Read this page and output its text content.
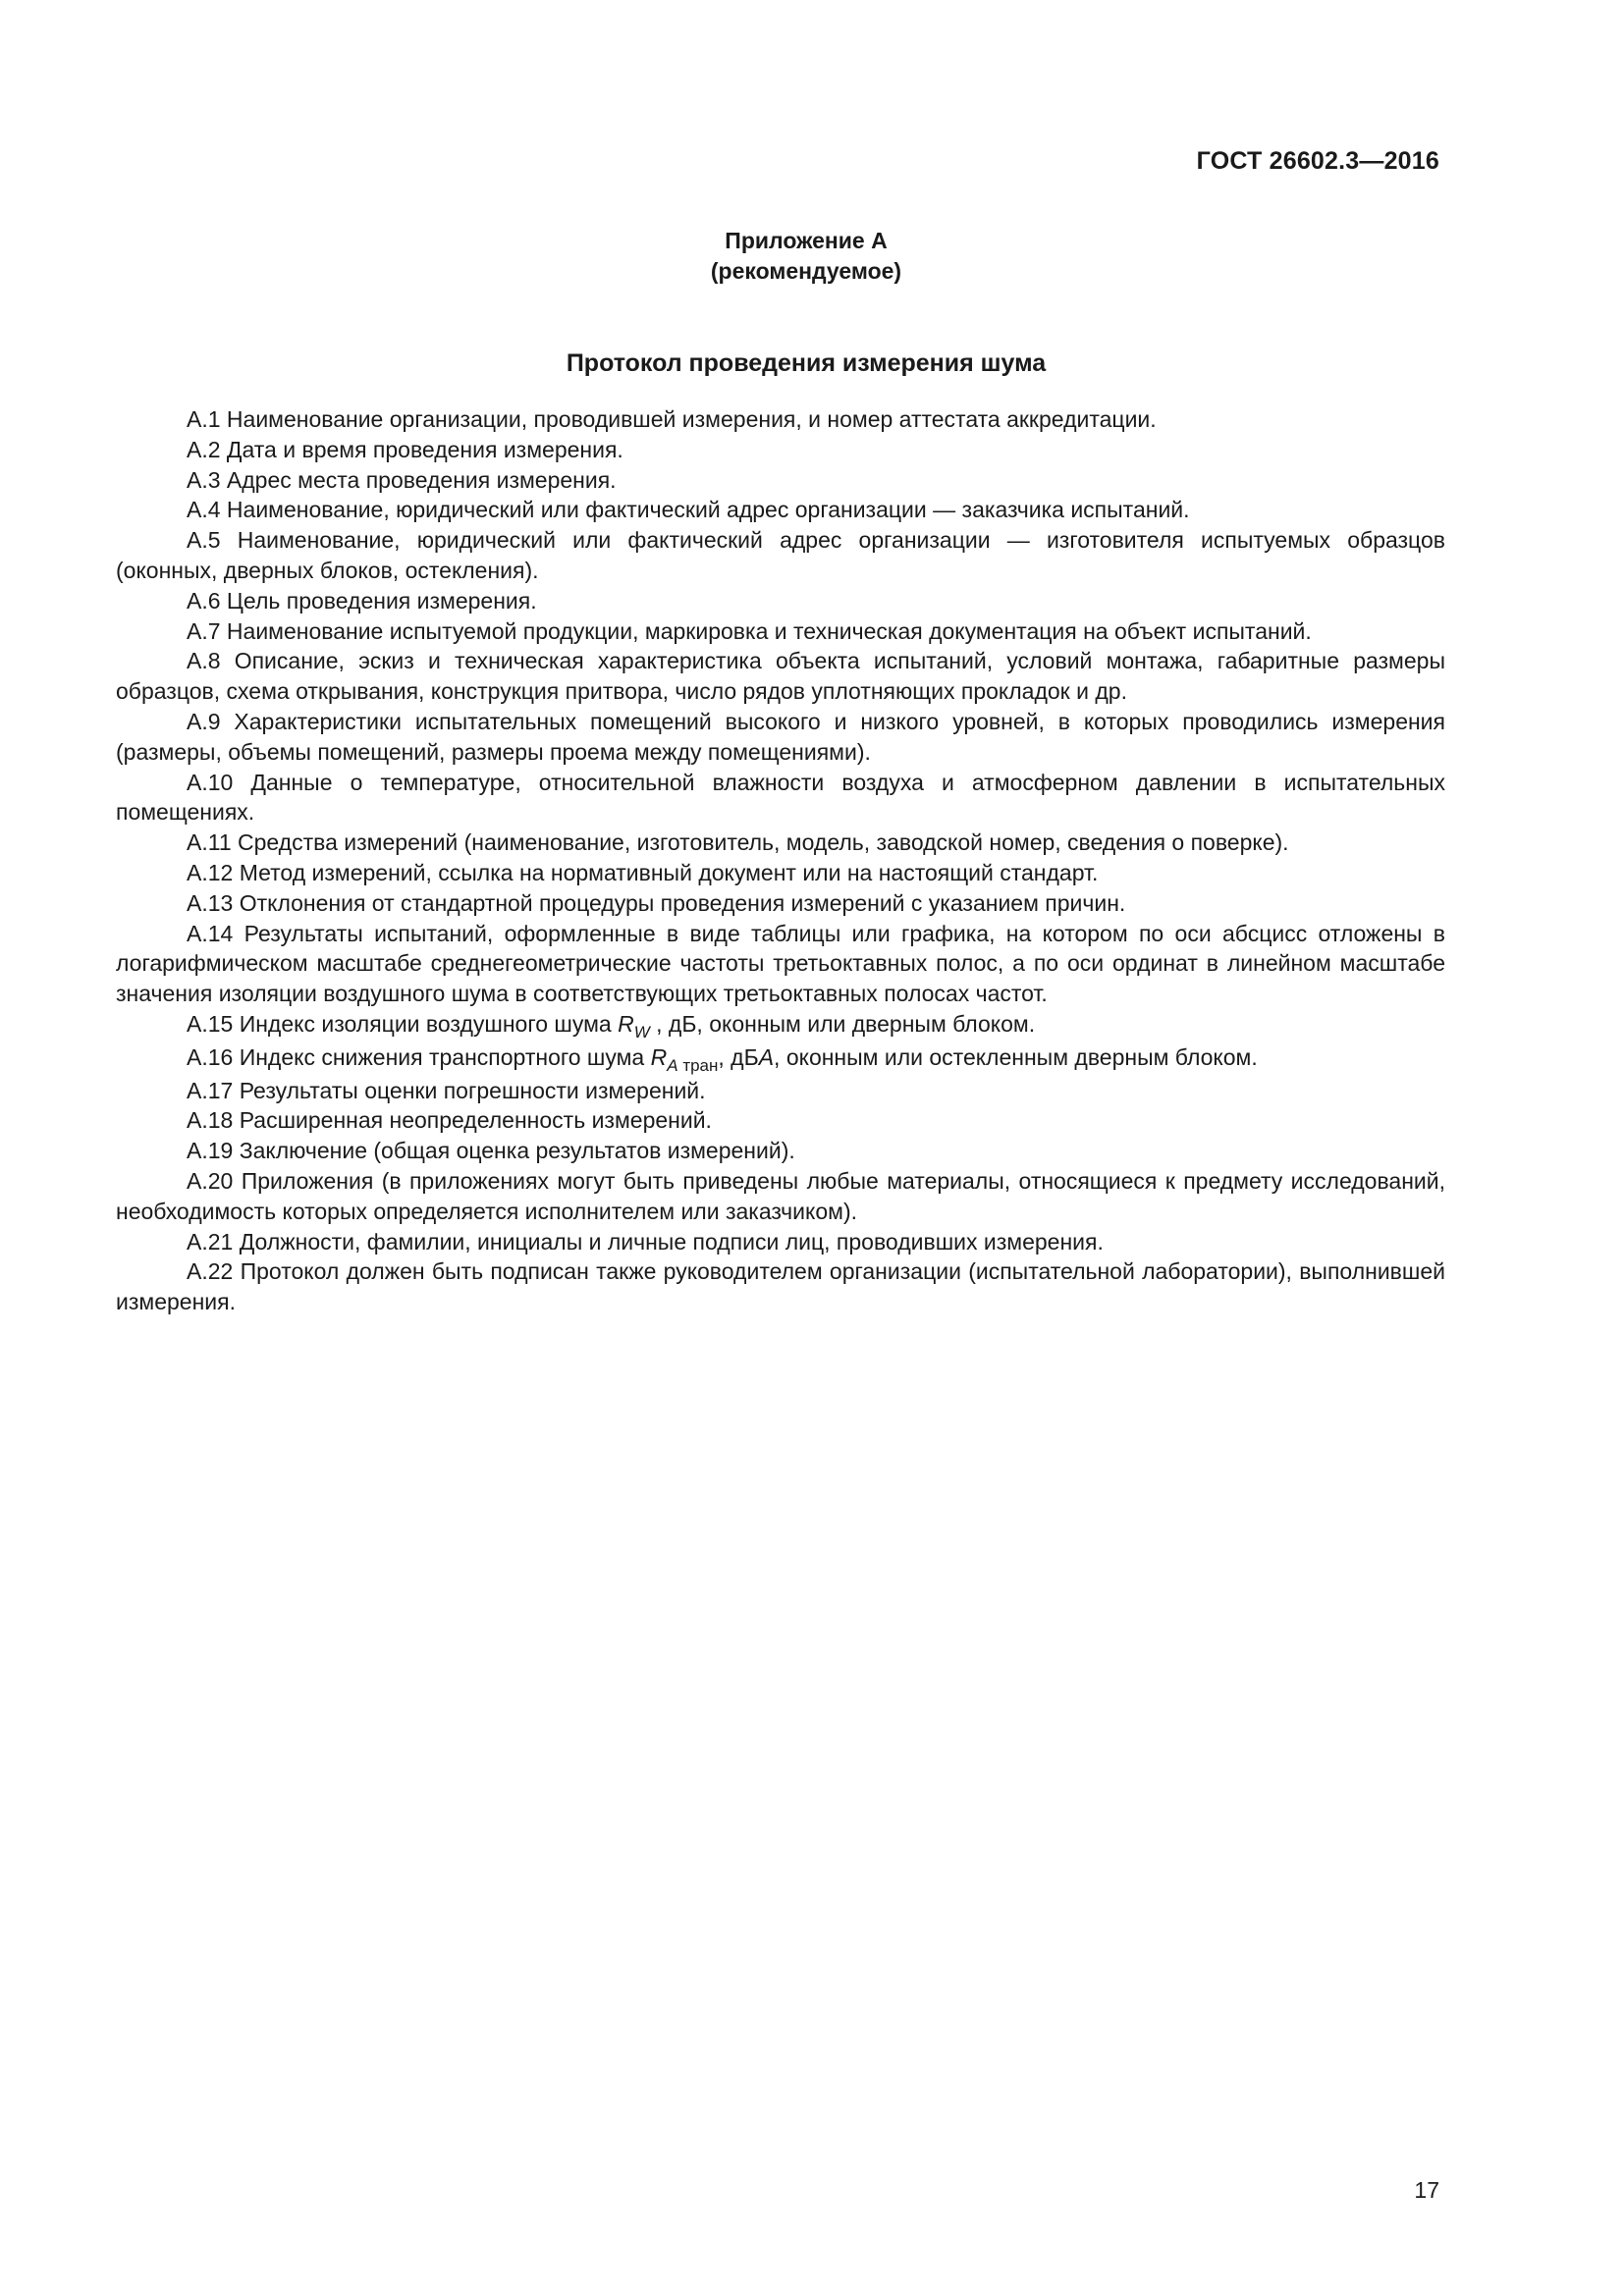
ГОСТ 26602.3—2016
Приложение А
(рекомендуемое)
Протокол проведения измерения шума

А.1 Наименование организации, проводившей измерения, и номер аттестата аккредитации.

А.2 Дата и время проведения измерения.

А.3 Адрес места проведения измерения.

А.4 Наименование, юридический или фактический адрес организации — заказчика испытаний.

А.5 Наименование, юридический или фактический адрес организации — изготовителя испытуемых образцов (оконных, дверных блоков, остекления).

А.6 Цель проведения измерения.

А.7 Наименование испытуемой продукции, маркировка и техническая документация на объект испытаний.

А.8 Описание, эскиз и техническая характеристика объекта испытаний, условий монтажа, габаритные размеры образцов, схема открывания, конструкция притвора, число рядов уплотняющих прокладок и др.

А.9 Характеристики испытательных помещений высокого и низкого уровней, в которых проводились измерения (размеры, объемы помещений, размеры проема между помещениями).

А.10 Данные о температуре, относительной влажности воздуха и атмосферном давлении в испытательных помещениях.

А.11 Средства измерений (наименование, изготовитель, модель, заводской номер, сведения о поверке).

А.12 Метод измерений, ссылка на нормативный документ или на настоящий стандарт.

А.13 Отклонения от стандартной процедуры проведения измерений с указанием причин.

А.14 Результаты испытаний, оформленные в виде таблицы или графика, на котором по оси абсцисс отложены в логарифмическом масштабе среднегеометрические частоты третьоктавных полос, а по оси ординат в линейном масштабе значения изоляции воздушного шума в соответствующих третьоктавных полосах частот.

А.15 Индекс изоляции воздушного шума $R_W$ , дБ, оконным или дверным блоком.

А.16 Индекс снижения транспортного шума $R_{A тран}$, дБА, оконным или остекленным дверным блоком.

А.17 Результаты оценки погрешности измерений.

А.18 Расширенная неопределенность измерений.

А.19 Заключение (общая оценка результатов измерений).

А.20 Приложения (в приложениях могут быть приведены любые материалы, относящиеся к предмету исследований, необходимость которых определяется исполнителем или заказчиком).

А.21 Должности, фамилии, инициалы и личные подписи лиц, проводивших измерения.

А.22 Протокол должен быть подписан также руководителем организации (испытательной лаборатории), выполнившей измерения.

17
